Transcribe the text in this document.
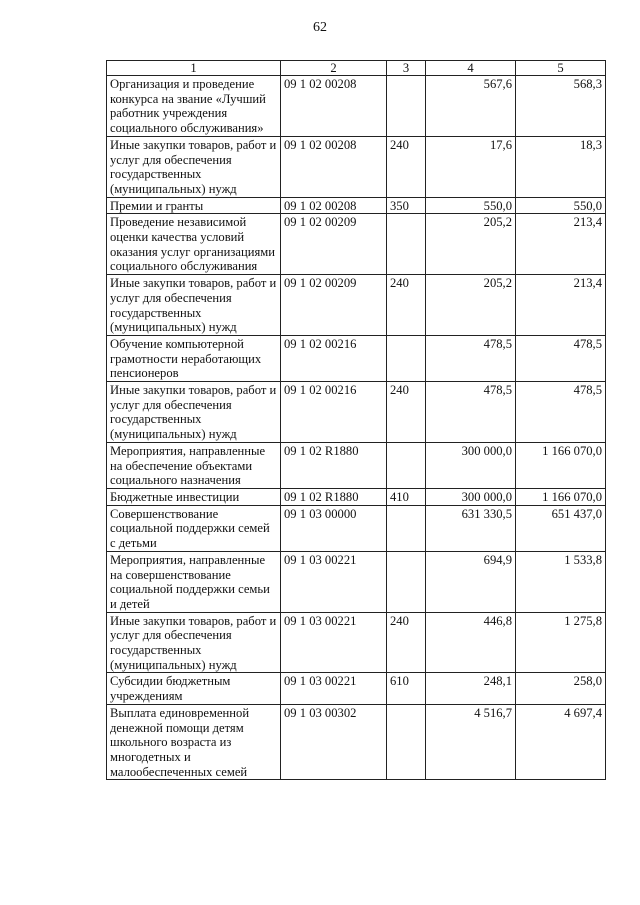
62
1	2	3	4	5
Организация и проведение конкурса на звание «Лучший работник учреждения социального обслуживания»	09 1 02 00208		567,6	568,3
Иные закупки товаров, работ и услуг для обеспечения государственных (муниципальных) нужд	09 1 02 00208	240	17,6	18,3
Премии и гранты	09 1 02 00208	350	550,0	550,0
Проведение независимой оценки качества условий оказания услуг организациями социального обслуживания	09 1 02 00209		205,2	213,4
Иные закупки товаров, работ и услуг для обеспечения государственных (муниципальных) нужд	09 1 02 00209	240	205,2	213,4
Обучение компьютерной грамотности неработающих пенсионеров	09 1 02 00216		478,5	478,5
Иные закупки товаров, работ и услуг для обеспечения государственных (муниципальных) нужд	09 1 02 00216	240	478,5	478,5
Мероприятия, направленные на обеспечение объектами социального назначения	09 1 02 R1880		300 000,0	1 166 070,0
Бюджетные инвестиции	09 1 02 R1880	410	300 000,0	1 166 070,0
Совершенствование социальной поддержки семей с детьми	09 1 03 00000		631 330,5	651 437,0
Мероприятия, направленные на совершенствование социальной поддержки семьи и детей	09 1 03 00221		694,9	1 533,8
Иные закупки товаров, работ и услуг для обеспечения государственных (муниципальных) нужд	09 1 03 00221	240	446,8	1 275,8
Субсидии бюджетным учреждениям	09 1 03 00221	610	248,1	258,0
Выплата единовременной денежной помощи детям школьного возраста из многодетных и малообеспеченных семей	09 1 03 00302		4 516,7	4 697,4
